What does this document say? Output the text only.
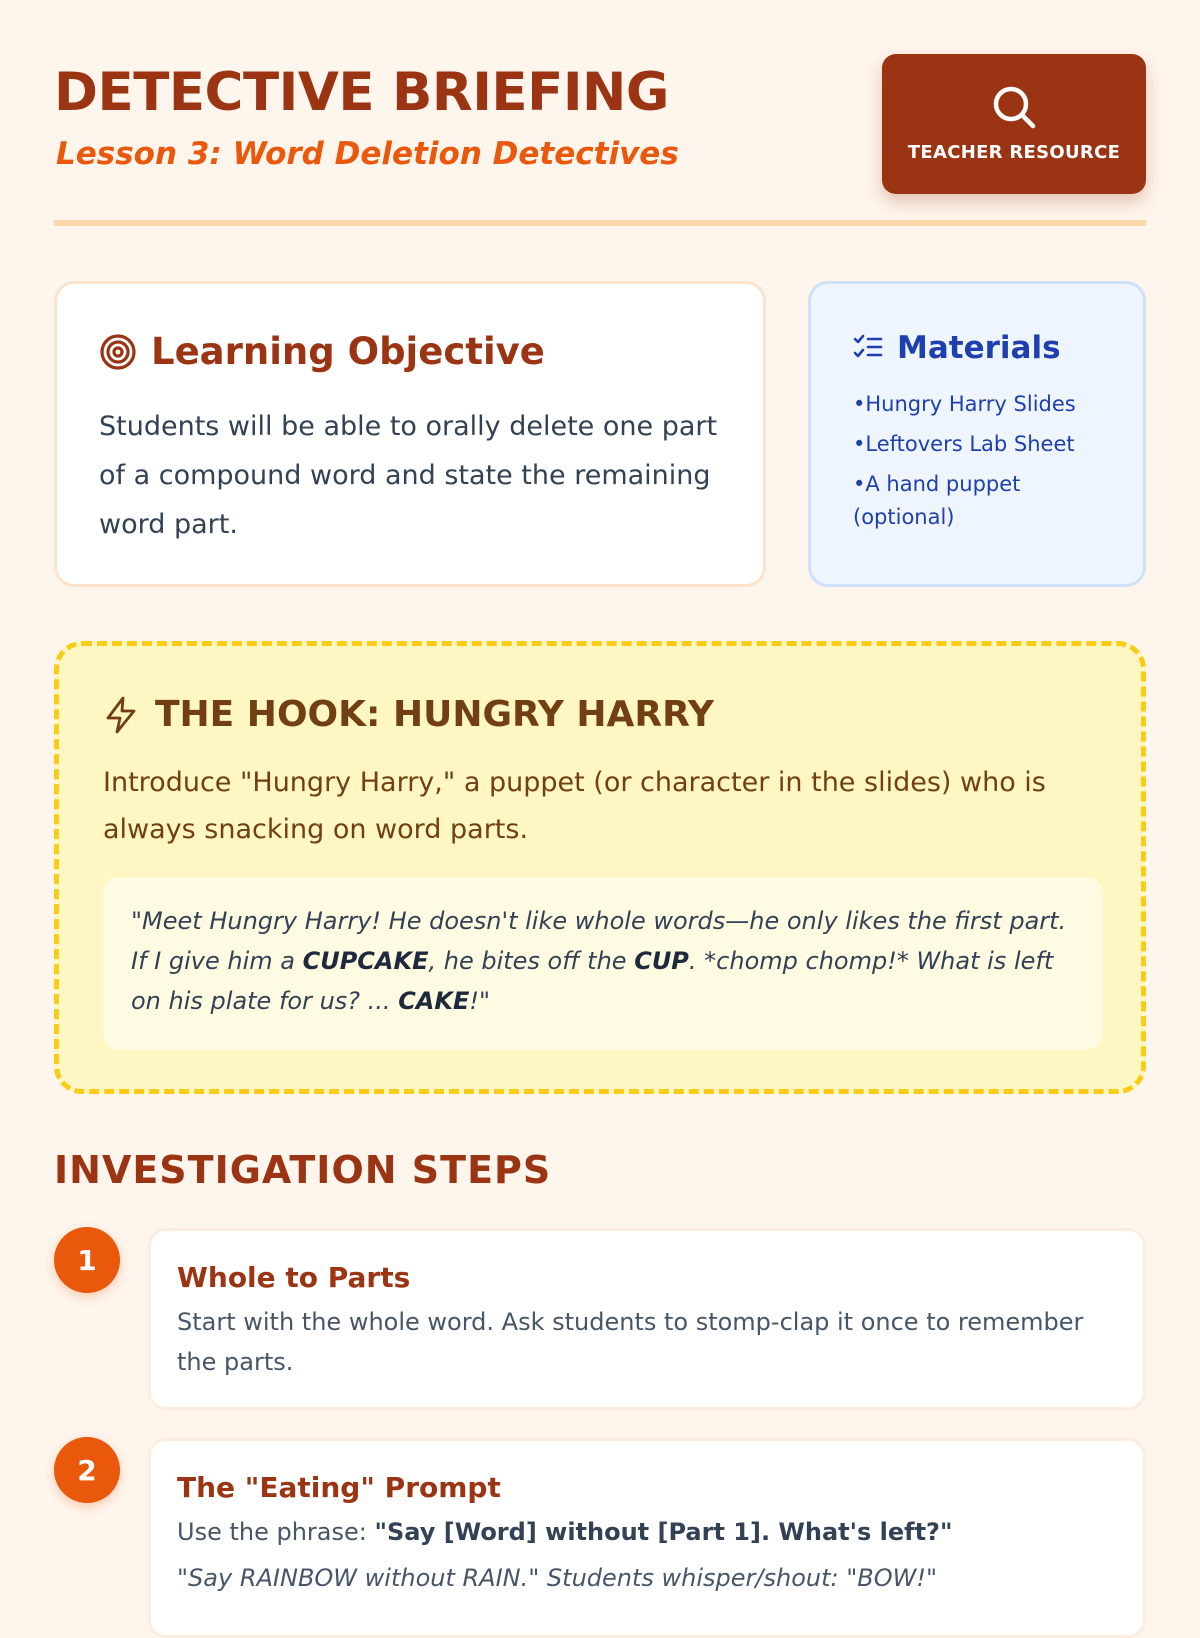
DETECTIVE BRIEFING
Lesson 3: Word Deletion Detectives	TEACHER RESOURCE
Learning Objective
Students will be able to orally delete one part of a compound word and state the remaining word part.
Materials
• Hungry Harry Slides
• Leftovers Lab Sheet
• A hand puppet (optional)
THE HOOK: HUNGRY HARRY
Introduce "Hungry Harry," a puppet (or character in the slides) who is always snacking on word parts.
"Meet Hungry Harry! He doesn't like whole words—he only likes the first part. If I give him a CUPCAKE, he bites off the CUP. *chomp chomp!* What is left on his plate for us? ... CAKE!"
INVESTIGATION STEPS
1
Whole to Parts
Start with the whole word. Ask students to stomp-clap it once to remember the parts.
2
The "Eating" Prompt
Use the phrase: "Say [Word] without [Part 1]. What's left?"
"Say RAINBOW without RAIN." Students whisper/shout: "BOW!"
